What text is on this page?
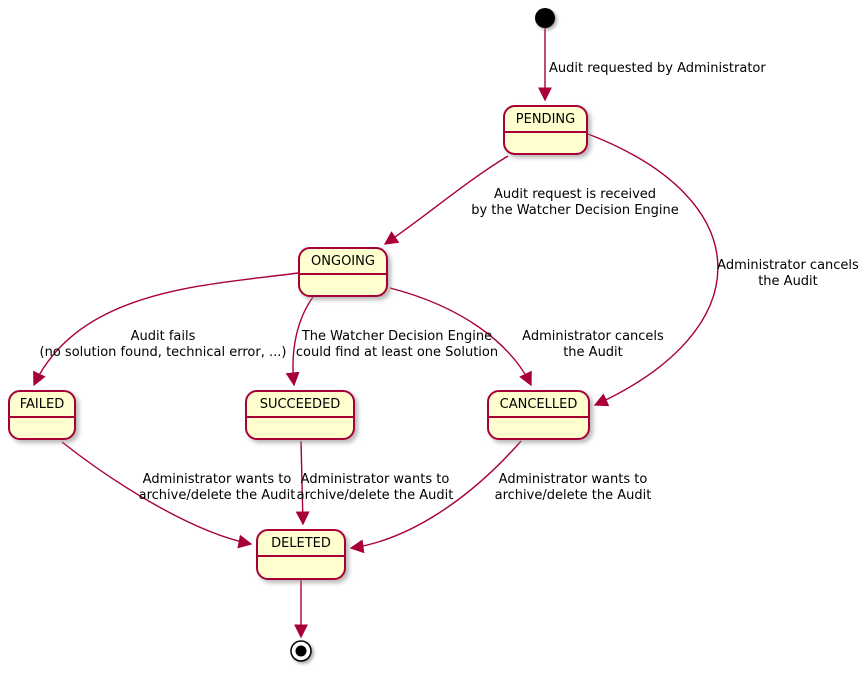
PENDING
ONGOING
FAILED	SUCCEEDED	CANCELLED
DELETED
Audit requested by Administrator
Audit request is received
by the Watcher Decision Engine
Audit fails
(no solution found, technical error, ...)
The Watcher Decision Engine
could find at least one Solution
Administrator cancels
the Audit
Administrator cancels
the Audit
Administrator wants to
archive/delete the Audit
Administrator wants to
archive/delete the Audit
Administrator wants to
archive/delete the Audit
